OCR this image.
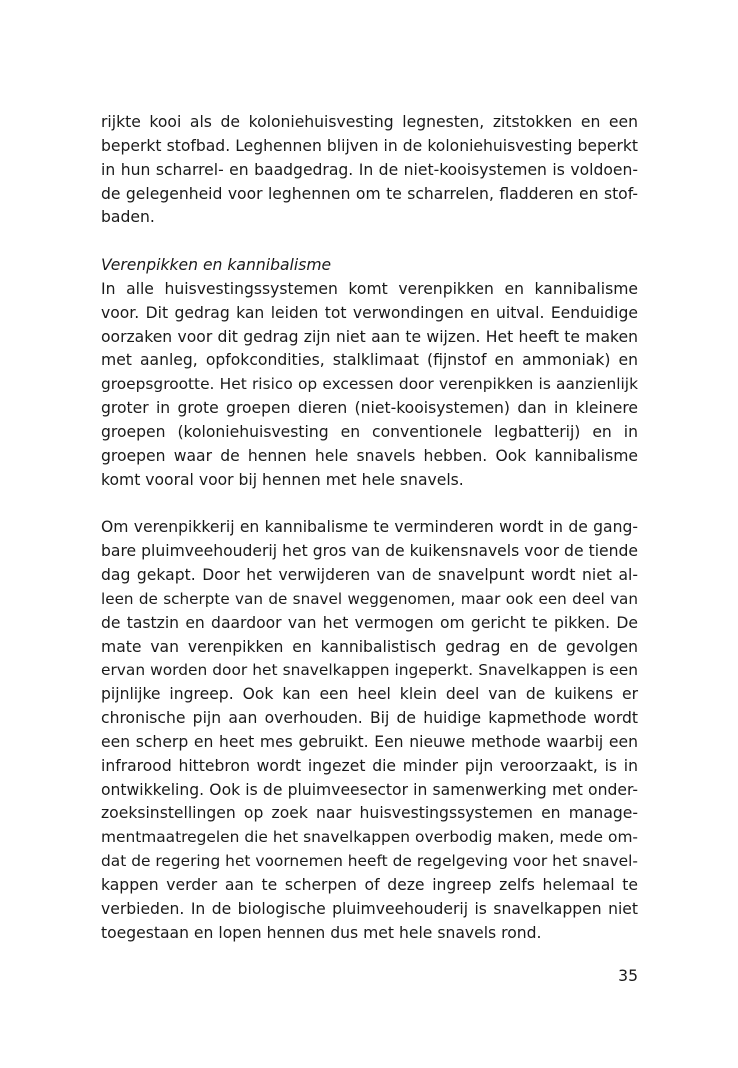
rijkte kooi als de koloniehuisvesting legnesten, zitstokken en een
beperkt stofbad. Leghennen blijven in de koloniehuisvesting beperkt
in hun scharrel- en baadgedrag. In de niet-kooisystemen is voldoen-
de gelegenheid voor leghennen om te scharrelen, fladderen en stof-
baden.
Verenpikken en kannibalisme
In alle huisvestingssystemen komt verenpikken en kannibalisme
voor. Dit gedrag kan leiden tot verwondingen en uitval. Eenduidige
oorzaken voor dit gedrag zijn niet aan te wijzen. Het heeft te maken
met aanleg, opfokcondities, stalklimaat (fijnstof en ammoniak) en
groepsgrootte. Het risico op excessen door verenpikken is aanzienlijk
groter in grote groepen dieren (niet-kooisystemen) dan in kleinere
groepen (koloniehuisvesting en conventionele legbatterij) en in
groepen waar de hennen hele snavels hebben. Ook kannibalisme
komt vooral voor bij hennen met hele snavels.
Om verenpikkerij en kannibalisme te verminderen wordt in de gang-
bare pluimveehouderij het gros van de kuikensnavels voor de tiende
dag gekapt. Door het verwijderen van de snavelpunt wordt niet al-
leen de scherpte van de snavel weggenomen, maar ook een deel van
de tastzin en daardoor van het vermogen om gericht te pikken. De
mate van verenpikken en kannibalistisch gedrag en de gevolgen
ervan worden door het snavelkappen ingeperkt. Snavelkappen is een
pijnlijke ingreep. Ook kan een heel klein deel van de kuikens er
chronische pijn aan overhouden. Bij de huidige kapmethode wordt
een scherp en heet mes gebruikt. Een nieuwe methode waarbij een
infrarood hittebron wordt ingezet die minder pijn veroorzaakt, is in
ontwikkeling. Ook is de pluimveesector in samenwerking met onder-
zoeksinstellingen op zoek naar huisvestingssystemen en manage-
mentmaatregelen die het snavelkappen overbodig maken, mede om-
dat de regering het voornemen heeft de regelgeving voor het snavel-
kappen verder aan te scherpen of deze ingreep zelfs helemaal te
verbieden. In de biologische pluimveehouderij is snavelkappen niet
toegestaan en lopen hennen dus met hele snavels rond.
35
